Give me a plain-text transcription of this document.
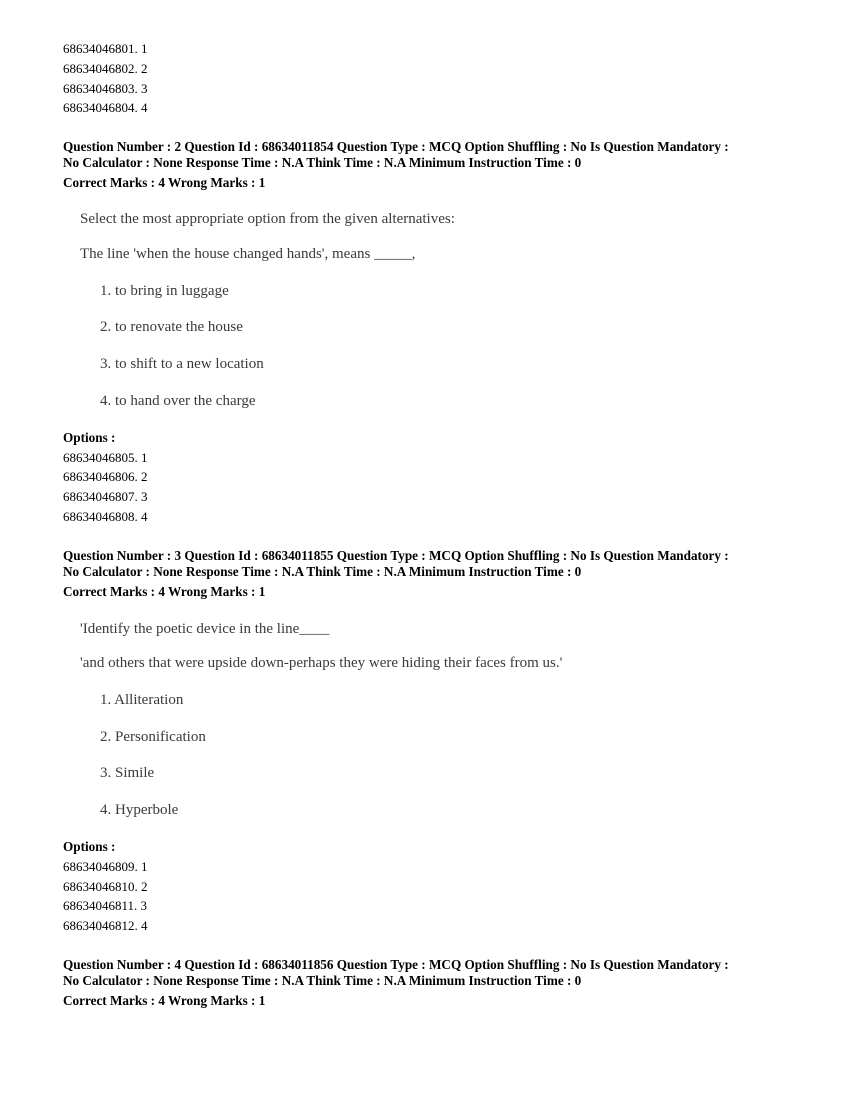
68634046801. 1
68634046802. 2
68634046803. 3
68634046804. 4
Question Number : 2 Question Id : 68634011854 Question Type : MCQ Option Shuffling : No Is Question Mandatory :
No Calculator : None Response Time : N.A Think Time : N.A Minimum Instruction Time : 0
Correct Marks : 4 Wrong Marks : 1
Select the most appropriate option from the given alternatives:
The line 'when the house changed hands', means _____,
1. to bring in luggage
2. to renovate the house
3. to shift to a new location
4. to hand over the charge
Options :
68634046805. 1
68634046806. 2
68634046807. 3
68634046808. 4
Question Number : 3 Question Id : 68634011855 Question Type : MCQ Option Shuffling : No Is Question Mandatory :
No Calculator : None Response Time : N.A Think Time : N.A Minimum Instruction Time : 0
Correct Marks : 4 Wrong Marks : 1
'Identify the poetic device in the line____
'and others that were upside down-perhaps they were hiding their faces from us.'
1. Alliteration
2. Personification
3. Simile
4. Hyperbole
Options :
68634046809. 1
68634046810. 2
68634046811. 3
68634046812. 4
Question Number : 4 Question Id : 68634011856 Question Type : MCQ Option Shuffling : No Is Question Mandatory :
No Calculator : None Response Time : N.A Think Time : N.A Minimum Instruction Time : 0
Correct Marks : 4 Wrong Marks : 1
